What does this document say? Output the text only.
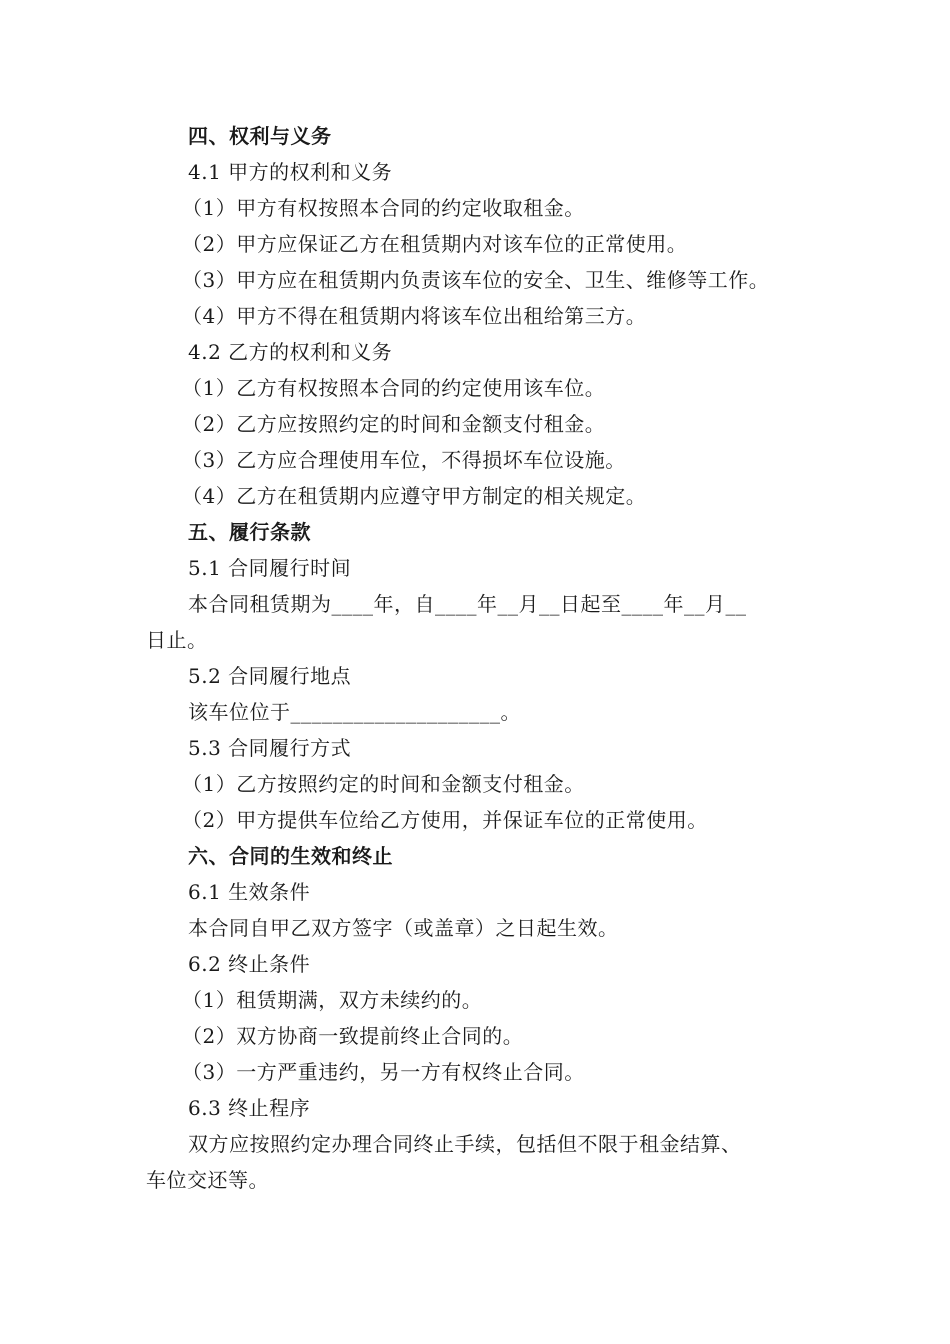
四、权利与义务
4.1 甲方的权利和义务
（1）甲方有权按照本合同的约定收取租金。
（2）甲方应保证乙方在租赁期内对该车位的正常使用。
（3）甲方应在租赁期内负责该车位的安全、卫生、维修等工作。
（4）甲方不得在租赁期内将该车位出租给第三方。
4.2 乙方的权利和义务
（1）乙方有权按照本合同的约定使用该车位。
（2）乙方应按照约定的时间和金额支付租金。
（3）乙方应合理使用车位，不得损坏车位设施。
（4）乙方在租赁期内应遵守甲方制定的相关规定。
五、履行条款
5.1 合同履行时间
本合同租赁期为____年，自____年__月__日起至____年__月__
日止。
5.2 合同履行地点
该车位位于____________________。
5.3 合同履行方式
（1）乙方按照约定的时间和金额支付租金。
（2）甲方提供车位给乙方使用，并保证车位的正常使用。
六、合同的生效和终止
6.1 生效条件
本合同自甲乙双方签字（或盖章）之日起生效。
6.2 终止条件
（1）租赁期满，双方未续约的。
（2）双方协商一致提前终止合同的。
（3）一方严重违约，另一方有权终止合同。
6.3 终止程序
双方应按照约定办理合同终止手续，包括但不限于租金结算、
车位交还等。
